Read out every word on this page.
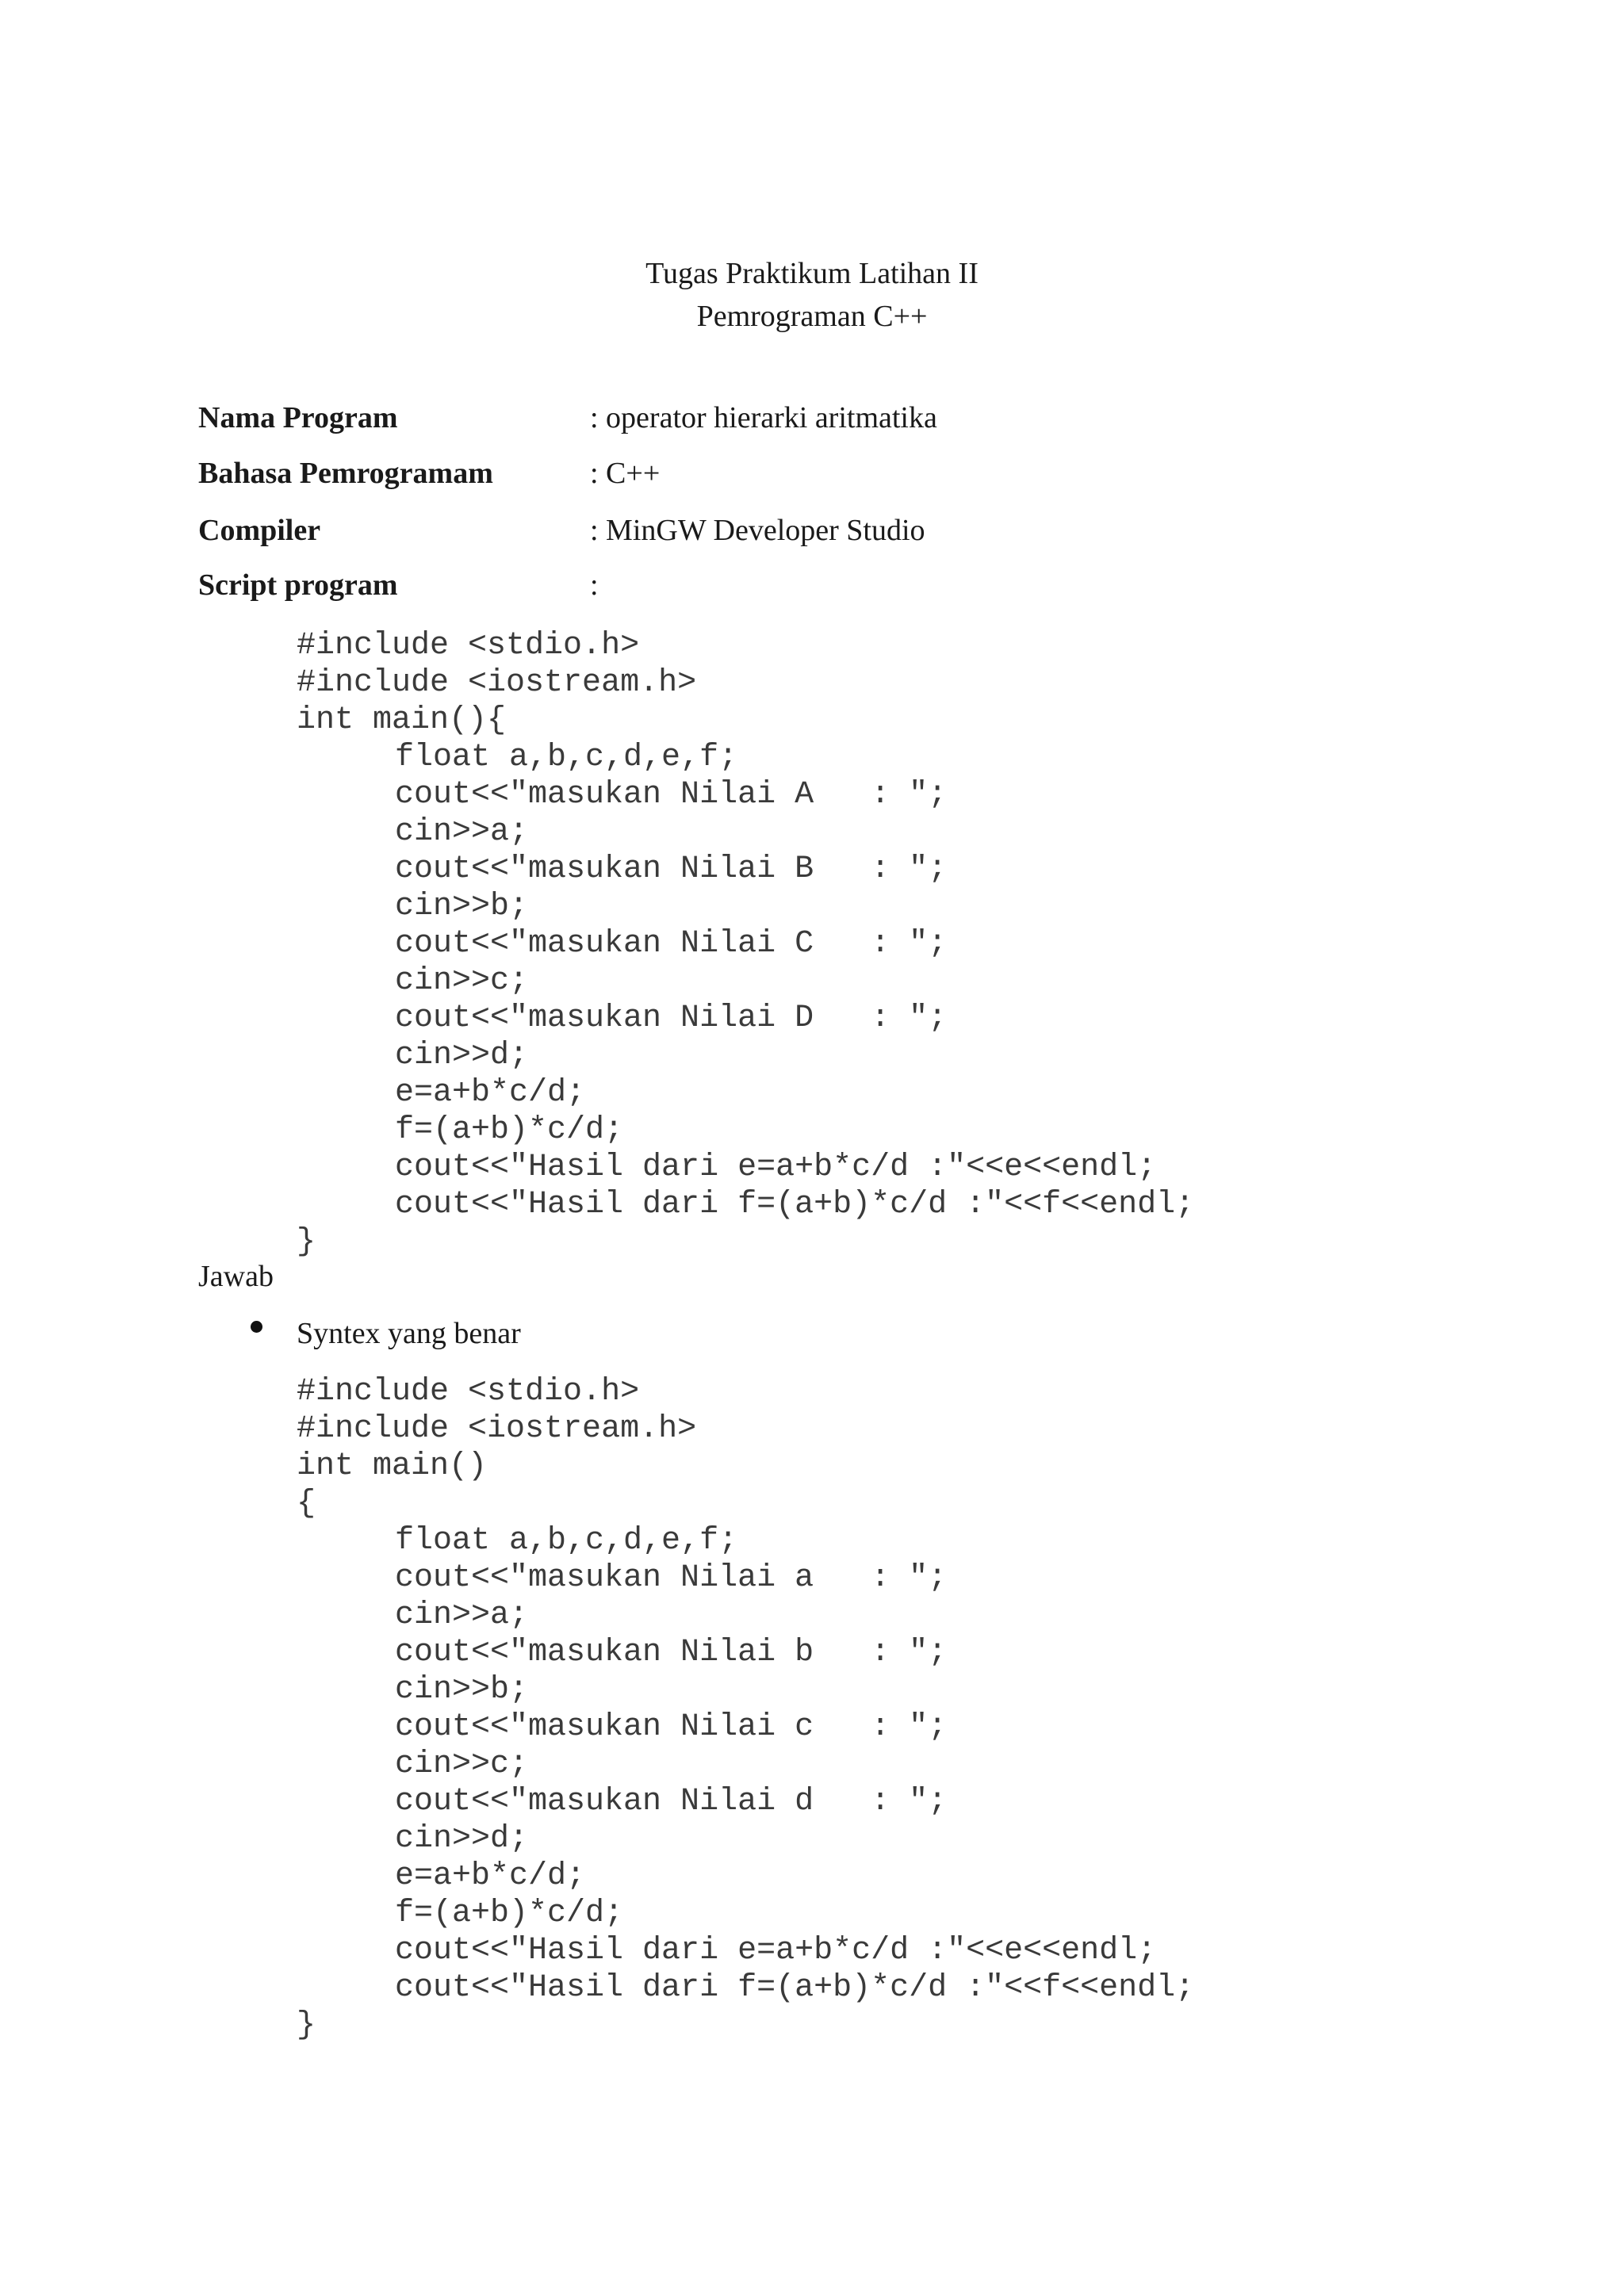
Tugas Praktikum Latihan II
Pemrograman C++
Nama Program	: operator hierarki aritmatika
Bahasa Pemrogramam	: C++
Compiler	: MinGW Developer Studio
Script program	:
#include <stdio.h>
#include <iostream.h>
int main(){
float a,b,c,d,e,f;
cout<<"masukan Nilai A   : ";
cin>>a;
cout<<"masukan Nilai B   : ";
cin>>b;
cout<<"masukan Nilai C   : ";
cin>>c;
cout<<"masukan Nilai D   : ";
cin>>d;
e=a+b*c/d;
f=(a+b)*c/d;
cout<<"Hasil dari e=a+b*c/d :"<<e<<endl;
cout<<"Hasil dari f=(a+b)*c/d :"<<f<<endl;
}
Jawab
Syntex yang benar
#include <stdio.h>
#include <iostream.h>
int main()
{
float a,b,c,d,e,f;
cout<<"masukan Nilai a   : ";
cin>>a;
cout<<"masukan Nilai b   : ";
cin>>b;
cout<<"masukan Nilai c   : ";
cin>>c;
cout<<"masukan Nilai d   : ";
cin>>d;
e=a+b*c/d;
f=(a+b)*c/d;
cout<<"Hasil dari e=a+b*c/d :"<<e<<endl;
cout<<"Hasil dari f=(a+b)*c/d :"<<f<<endl;
}
